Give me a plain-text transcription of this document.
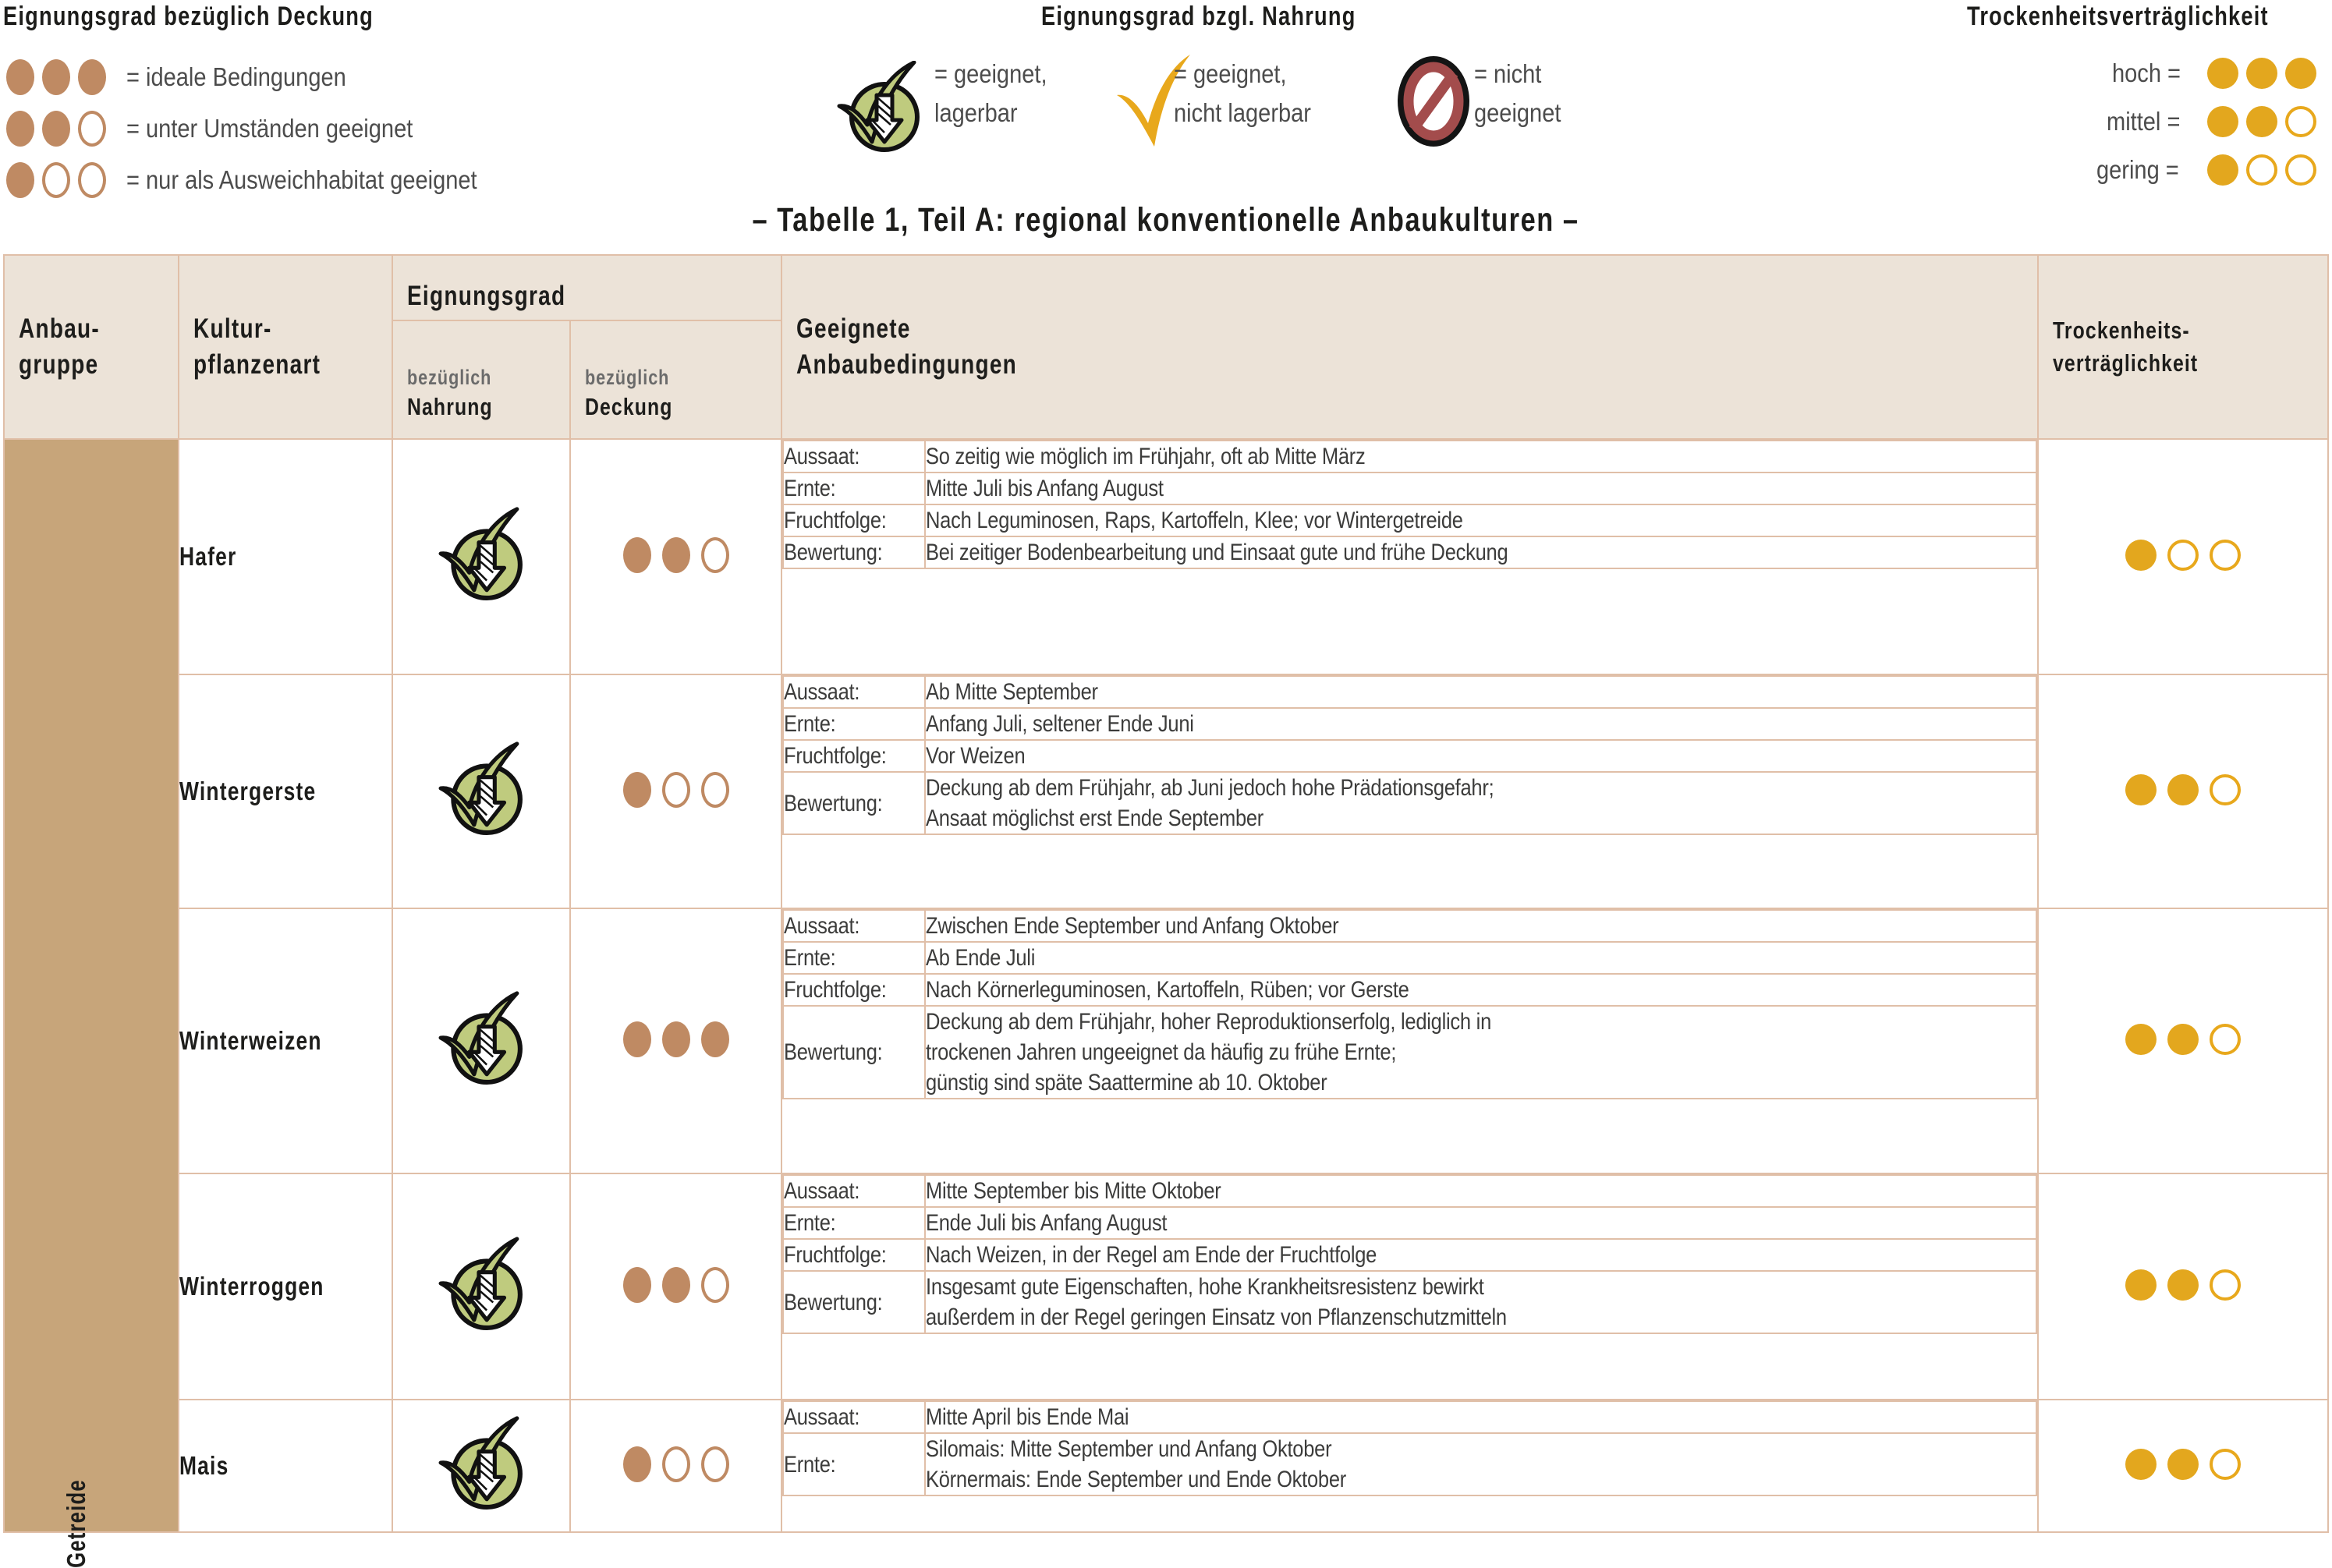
Eignungsgrad bezüglich Deckung
= ideale Bedingungen
= unter Umständen geeignet
= nur als Ausweichhabitat geeignet
Eignungsgrad bzgl. Nahrung
= geeignet,
lagerbar
= geeignet,
nicht lagerbar
= nicht
geeignet
Trockenheitsverträglichkeit
hoch =
mittel =
gering =
– Tabelle 1, Teil A: regional konventionelle Anbaukulturen –
Anbau-
gruppe

Kultur-
pflanzenart
	Eignungsgrad	
Geeignete
Anbaubedingungen

Trockenheits-
verträglichkeit

bezüglich
Nahrung

bezüglich
Deckung

Getreide
	Hafer		

Aussaat:	So zeitig wie möglich im Frühjahr, oft ab Mitte März

Ernte:	Mitte Juli bis Anfang August

Fruchtfolge:	Nach Leguminosen, Raps, Kartoffeln, Klee; vor Wintergetreide

Bewertung:	Bei zeitiger Bodenbearbeitung und Einsaat gute und frühe Deckung

Wintergerste		

Aussaat:	Ab Mitte September

Ernte:	Anfang Juli, seltener Ende Juni

Fruchtfolge:	Vor Weizen

Bewertung:	
Deckung ab dem Frühjahr, ab Juni jedoch hohe Prädationsgefahr;
Ansaat möglichst erst Ende September

Winterweizen		

Aussaat:	Zwischen Ende September und Anfang Oktober

Ernte:	Ab Ende Juli

Fruchtfolge:	Nach Körnerleguminosen, Kartoffeln, Rüben; vor Gerste

Bewertung:	
Deckung ab dem Frühjahr, hoher Reproduktionserfolg, lediglich in
trockenen Jahren ungeeignet da häufig zu frühe Ernte;
günstig sind späte Saattermine ab 10. Oktober

Winterroggen		

Aussaat:	Mitte September bis Mitte Oktober

Ernte:	Ende Juli bis Anfang August

Fruchtfolge:	Nach Weizen, in der Regel am Ende der Fruchtfolge

Bewertung:	
Insgesamt gute Eigenschaften, hohe Krankheitsresistenz bewirkt
außerdem in der Regel geringen Einsatz von Pflanzenschutzmitteln

Mais		

Aussaat:	Mitte April bis Ende Mai

Ernte:	
Silomais: Mitte September und Anfang Oktober
Körnermais: Ende September und Ende Oktober
